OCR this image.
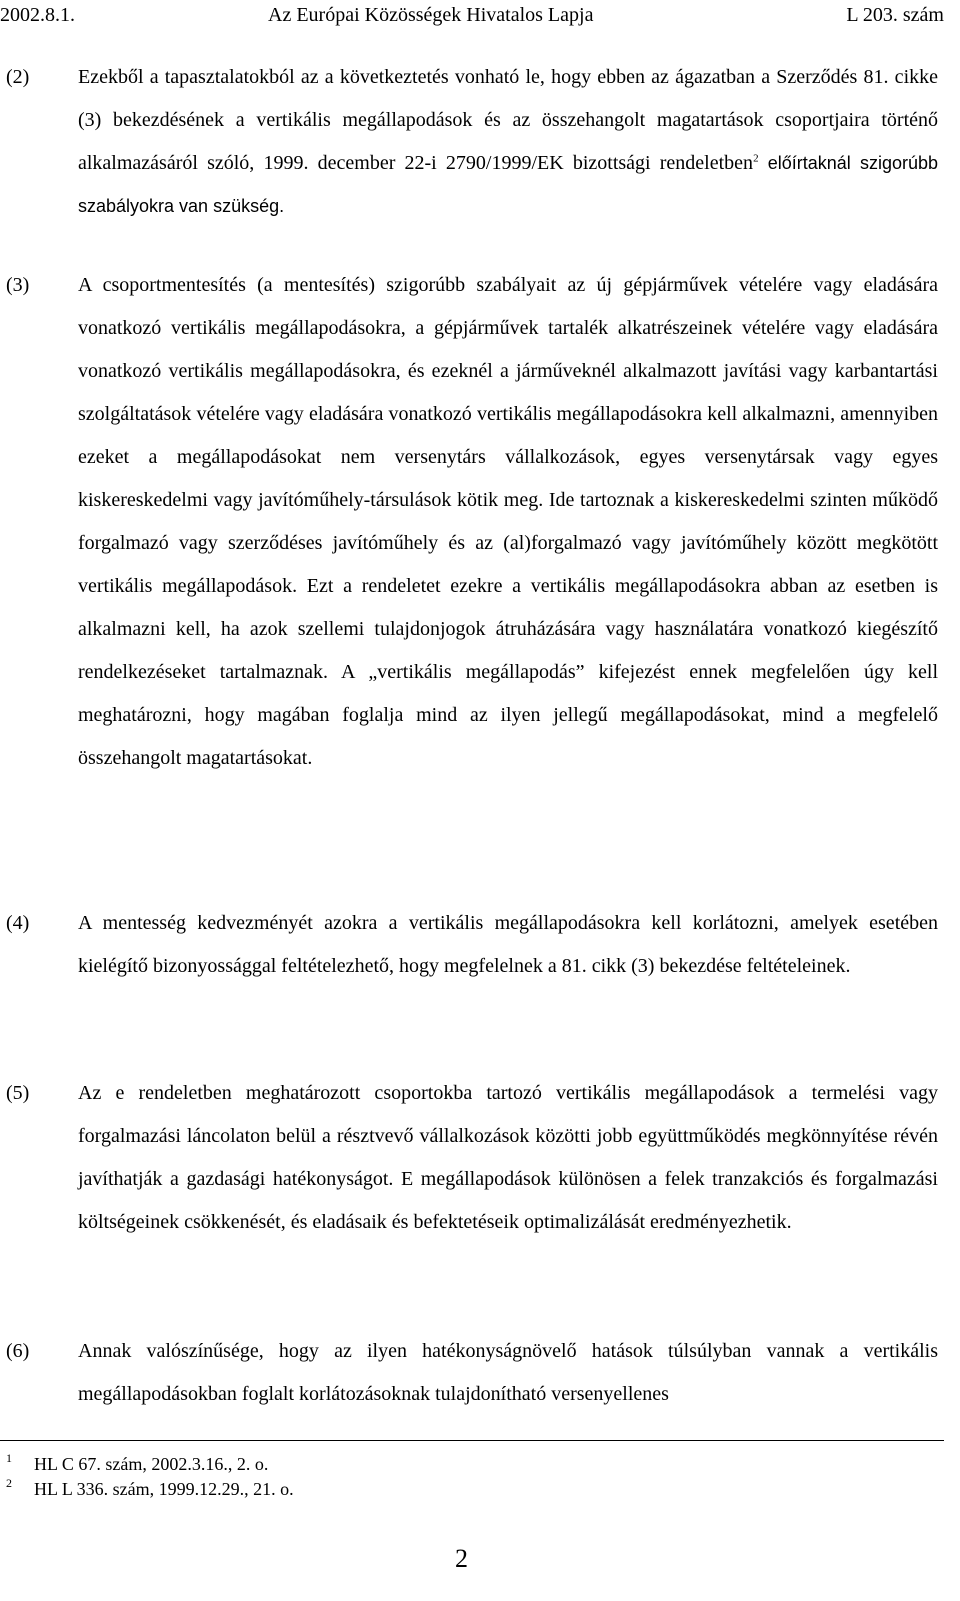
2002.8.1.	Az Európai Közösségek Hivatalos Lapja	L 203. szám
(2) Ezekből a tapasztalatokból az a következtetés vonható le, hogy ebben az ágazatban a Szerződés 81. cikke (3) bekezdésének a vertikális megállapodások és az összehangolt magatartások csoportjaira történő alkalmazásáról szóló, 1999. december 22-i 2790/1999/EK bizottsági rendeletben$^2$ előírtaknál szigorúbb szabályokra van szükség.
(3) A csoportmentesítés (a mentesítés) szigorúbb szabályait az új gépjárművek vételére vagy eladására vonatkozó vertikális megállapodásokra, a gépjárművek tartalék alkatrészeinek vételére vagy eladására vonatkozó vertikális megállapodásokra, és ezeknél a járműveknél alkalmazott javítási vagy karbantartási szolgáltatások vételére vagy eladására vonatkozó vertikális megállapodásokra kell alkalmazni, amennyiben ezeket a megállapodásokat nem versenytárs vállalkozások, egyes versenytársak vagy egyes kiskereskedelmi vagy javítóműhely-társulások kötik meg. Ide tartoznak a kiskereskedelmi szinten működő forgalmazó vagy szerződéses javítóműhely és az (al)forgalmazó vagy javítóműhely között megkötött vertikális megállapodások. Ezt a rendeletet ezekre a vertikális megállapodásokra abban az esetben is alkalmazni kell, ha azok szellemi tulajdonjogok átruházására vagy használatára vonatkozó kiegészítő rendelkezéseket tartalmaznak. A „vertikális megállapodás” kifejezést ennek megfelelően úgy kell meghatározni, hogy magában foglalja mind az ilyen jellegű megállapodásokat, mind a megfelelő összehangolt magatartásokat.
(4) A mentesség kedvezményét azokra a vertikális megállapodásokra kell korlátozni, amelyek esetében kielégítő bizonyossággal feltételezhető, hogy megfelelnek a 81. cikk (3) bekezdése feltételeinek.
(5) Az e rendeletben meghatározott csoportokba tartozó vertikális megállapodások a termelési vagy forgalmazási láncolaton belül a résztvevő vállalkozások közötti jobb együttműködés megkönnyítése révén javíthatják a gazdasági hatékonyságot. E megállapodások különösen a felek tranzakciós és forgalmazási költségeinek csökkenését, és eladásaik és befektetéseik optimalizálását eredményezhetik.
(6) Annak valószínűsége, hogy az ilyen hatékonyságnövelő hatások túlsúlyban vannak a vertikális megállapodásokban foglalt korlátozásoknak tulajdonítható versenyellenes
1 HL C 67. szám, 2002.3.16., 2. o.
2 HL L 336. szám, 1999.12.29., 21. o.
2
